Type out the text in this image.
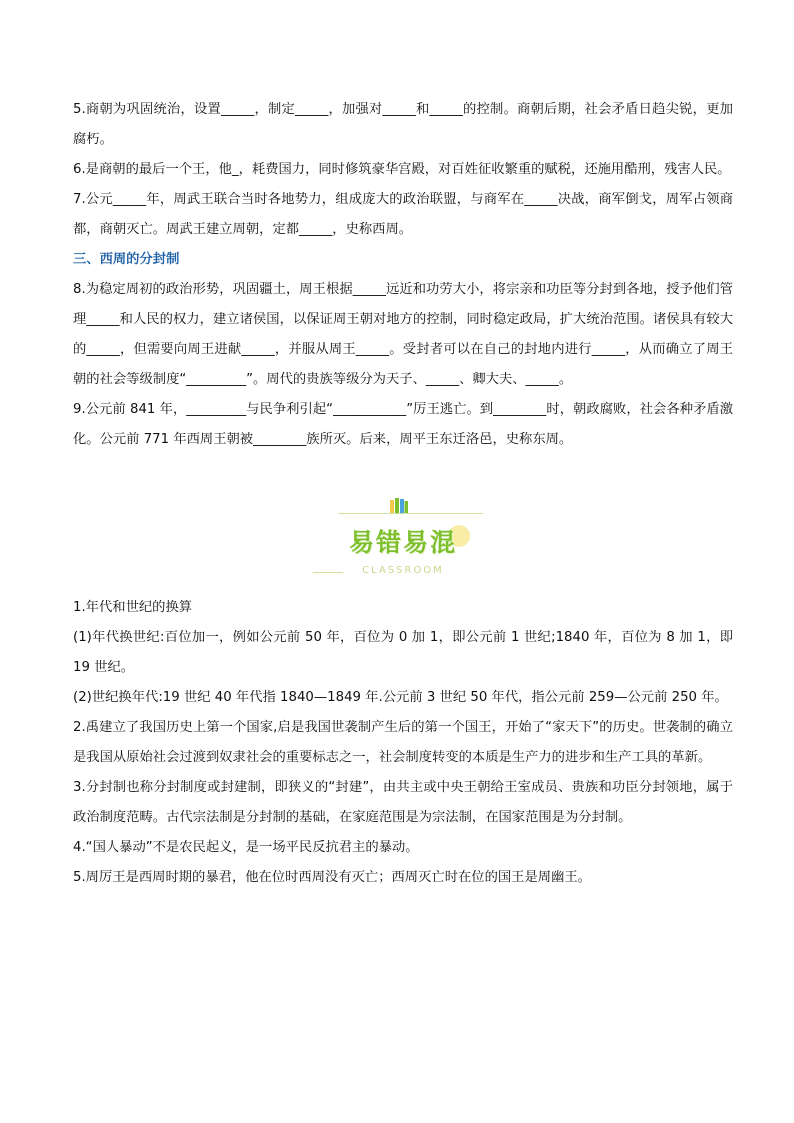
5.商朝为巩固统治，设置_____，制定_____，加强对_____和_____的控制。商朝后期，社会矛盾日趋尖锐，更加腐朽。

6.是商朝的最后一个王，他_，耗费国力，同时修筑豪华宫殿，对百姓征收繁重的赋税，还施用酷刑，残害人民。

7.公元_____年，周武王联合当时各地势力，组成庞大的政治联盟，与商军在_____决战，商军倒戈，周军占领商都，商朝灭亡。周武王建立周朝，定都_____，史称西周。

三、西周的分封制

8.为稳定周初的政治形势，巩固疆土，周王根据_____远近和功劳大小，将宗亲和功臣等分封到各地，授予他们管理_____和人民的权力，建立诸侯国，以保证周王朝对地方的控制，同时稳定政局，扩大统治范围。诸侯具有较大的_____，但需要向周王进献_____，并服从周王_____。受封者可以在自己的封地内进行_____，从而确立了周王朝的社会等级制度“_________”。周代的贵族等级分为天子、_____、卿大夫、_____。

9.公元前 841 年，_________与民争利引起“___________”厉王逃亡。到________时，朝政腐败，社会各种矛盾激化。公元前 771 年西周王朝被________族所灭。后来，周平王东迁洛邑，史称东周。

易错易混
CLASSROOM

1.年代和世纪的换算

(1)年代换世纪:百位加一，例如公元前 50 年，百位为 0 加 1，即公元前 1 世纪;1840 年，百位为 8 加 1，即 19 世纪。

(2)世纪换年代:19 世纪 40 年代指 1840—1849 年.公元前 3 世纪 50 年代，指公元前 259—公元前 250 年。

2.禹建立了我国历史上第一个国家,启是我国世袭制产生后的第一个国王，开始了“家天下”的历史。世袭制的确立是我国从原始社会过渡到奴隶社会的重要标志之一，社会制度转变的本质是生产力的进步和生产工具的革新。

3.分封制也称分封制度或封建制，即狭义的“封建”，由共主或中央王朝给王室成员、贵族和功臣分封领地，属于政治制度范畴。古代宗法制是分封制的基础，在家庭范围是为宗法制，在国家范围是为分封制。

4.“国人暴动”不是农民起义，是一场平民反抗君主的暴动。

5.周厉王是西周时期的暴君，他在位时西周没有灭亡；西周灭亡时在位的国王是周幽王。
